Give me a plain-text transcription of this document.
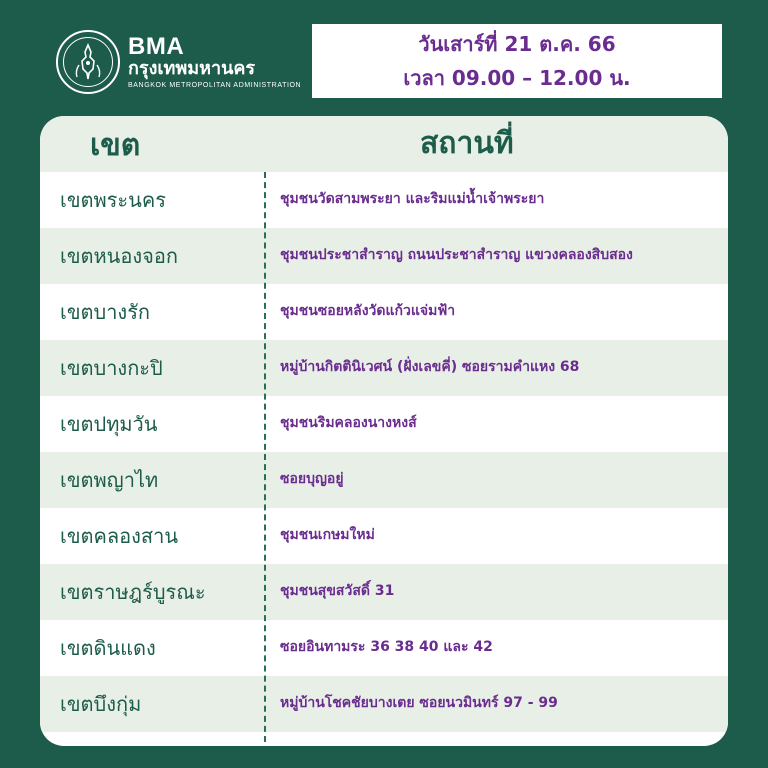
BMA
กรุงเทพมหานคร
BANGKOK METROPOLITAN ADMINISTRATION
วันเสาร์ที่ 21 ต.ค. 66
เวลา 09.00 – 12.00 น.
เขต	สถานที่
เขตพระนคร	ชุมชนวัดสามพระยา และริมแม่น้ำเจ้าพระยา
เขตหนองจอก	ชุมชนประชาสำราญ ถนนประชาสำราญ แขวงคลองสิบสอง
เขตบางรัก	ชุมชนซอยหลังวัดแก้วแจ่มฟ้า
เขตบางกะปิ	หมู่บ้านกิตตินิเวศน์ (ฝั่งเลขคี่) ซอยรามคำแหง 68
เขตปทุมวัน	ชุมชนริมคลองนางหงส์
เขตพญาไท	ซอยบุญอยู่
เขตคลองสาน	ชุมชนเกษมใหม่
เขตราษฎร์บูรณะ	ชุมชนสุขสวัสดิ์ 31
เขตดินแดง	ซอยอินทามระ 36 38 40 และ 42
เขตบึงกุ่ม	หมู่บ้านโชคชัยบางเตย ซอยนวมินทร์ 97 - 99
